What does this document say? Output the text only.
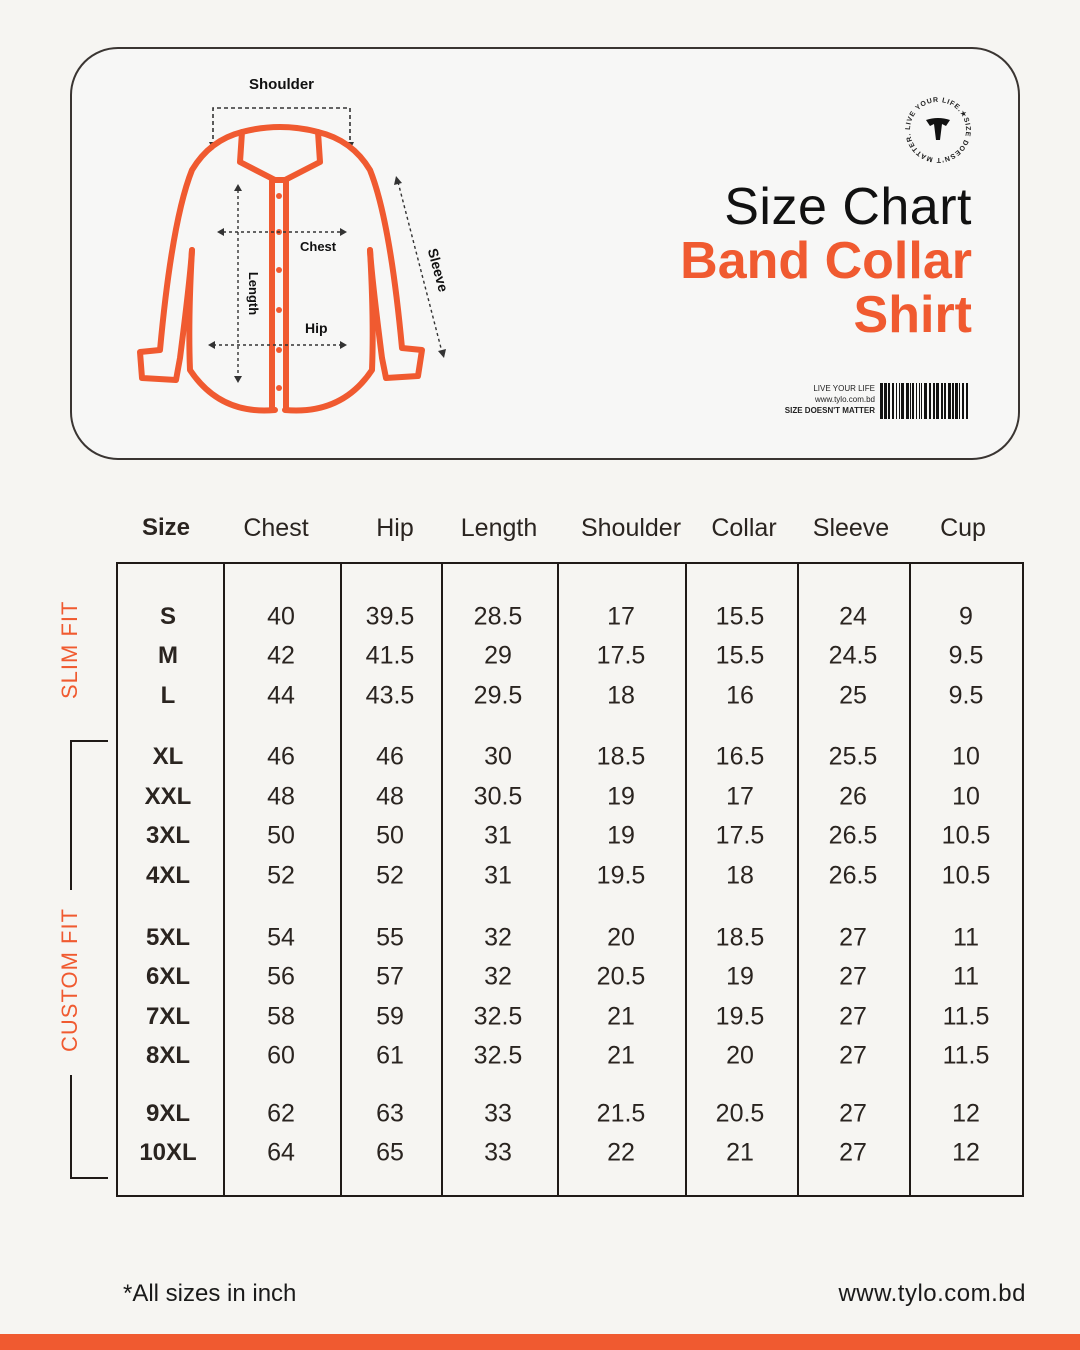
Shoulder
Chest
Hip
Length	Sleeve
LIVE YOUR LIFE.★SIZE DOESN'T MATTER.
Size Chart
Band Collar
Shirt
LIVE YOUR LIFE
www.tylo.com.bd
SIZE DOESN'T MATTER
Size Chest	Hip Length Shoulder Collar Sleeve Cup
S	40	39.5 28.5	17	15.5	24	9
M	42	41.5	29	17.5	15.5	24.5	9.5
L	44	43.5 29.5	18	16	25	9.5
XL	46	46	30	18.5	16.5	25.5	10
XXL	48	48	30.5	19	17	26	10
3XL	50	50	31	19	17.5	26.5	10.5
4XL	52	52	31	19.5	18	26.5	10.5
5XL	54	55	32	20	18.5	27	11
6XL	56	57	32	20.5	19	27	11
7XL	58	59	32.5	21	19.5	27	11.5
8XL	60	61	32.5	21	20	27	11.5
9XL	62	63	33	21.5	20.5	27	12
10XL	64	65	33	22	21	27	12
SLIM FIT
CUSTOM FIT
*All sizes in inch	www.tylo.com.bd
